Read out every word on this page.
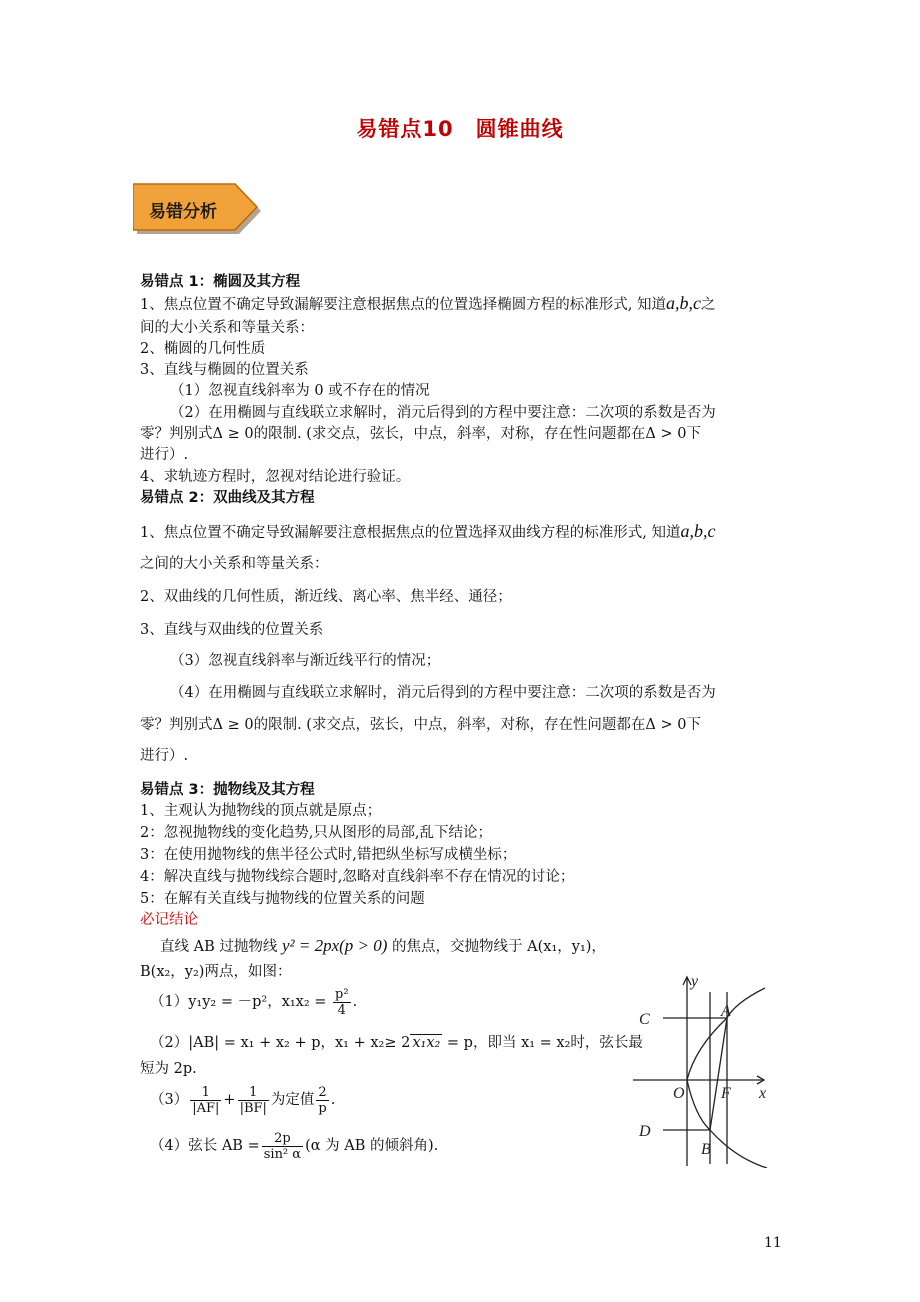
易错点10　圆锥曲线
易错分析
易错点 1：椭圆及其方程
1、焦点位置不确定导致漏解要注意根据焦点的位置选择椭圆方程的标准形式, 知道a,b,c之
间的大小关系和等量关系：
2、椭圆的几何性质
3、直线与椭圆的位置关系
（1）忽视直线斜率为 0 或不存在的情况
（2）在用椭圆与直线联立求解时，消元后得到的方程中要注意：二次项的系数是否为
零？判别式Δ ≥ 0的限制. (求交点，弦长，中点，斜率，对称，存在性问题都在Δ > 0下
进行）.
4、求轨迹方程时，忽视对结论进行验证。
易错点 2：双曲线及其方程
1、焦点位置不确定导致漏解要注意根据焦点的位置选择双曲线方程的标准形式, 知道a,b,c
之间的大小关系和等量关系：
2、双曲线的几何性质，渐近线、离心率、焦半经、通径；
3、直线与双曲线的位置关系
（3）忽视直线斜率与渐近线平行的情况；
（4）在用椭圆与直线联立求解时，消元后得到的方程中要注意：二次项的系数是否为
零？判别式Δ ≥ 0的限制. (求交点，弦长，中点，斜率，对称，存在性问题都在Δ > 0下
进行）.
易错点 3：抛物线及其方程
1、主观认为抛物线的顶点就是原点；
2：忽视抛物线的变化趋势,只从图形的局部,乱下结论；
3：在使用抛物线的焦半径公式时,错把纵坐标写成横坐标；
4：解决直线与抛物线综合题时,忽略对直线斜率不存在情况的讨论；
5：在解有关直线与抛物线的位置关系的问题
必记结论
直线 AB 过抛物线 y² = 2px(p > 0) 的焦点，交抛物线于 A(x₁，y₁)，
B(x₂，y₂)两点，如图：
（1）y₁y₂ = －p²，$x_1x_2 = \frac{\text{p²}}{4}$ .
（2）|AB| = x₁ + x₂ + p，x₁ + x₂≥ 2 x₁x₂ = p，即当 x₁ = x₂时，弦长最
短为 2p.
$(3) \frac{1}{|AF|} + \frac{1}{|BF|}$ 为定值 $\frac{2}{p}$ .
（4）弦长 AB = $\frac{2p}{\text{sin² α}} (\alpha$ 为 AB 的倾斜角).
y
x
A
C
O F
D
B
11
